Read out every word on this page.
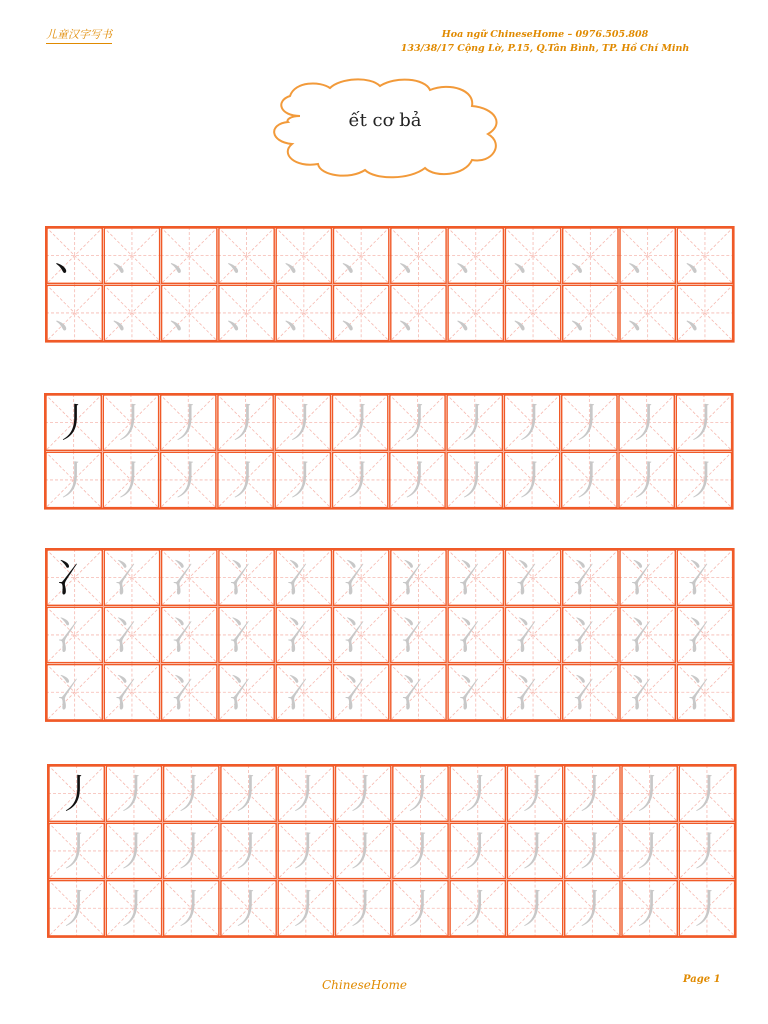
儿童汉字写书	Hoa ngữ ChineseHome – 0976.505.808
133/38/17 Cộng Lờ, P.15, Q.Tân Bình, TP. Hồ Chí Minh
ết cơ bả
、 、 、 、 、 、 、 、 、 、 、 、
、 、 、 、 、 、 、 、 、 、 、 、
丿 丿 丿 丿 丿 丿 丿 丿 丿 丿 丿 丿
丿 丿 丿 丿 丿 丿 丿 丿 丿 丿 丿 丿
冫 冫 冫 冫 冫 冫 冫 冫 冫 冫 冫 冫
冫 冫 冫 冫 冫 冫 冫 冫 冫 冫 冫 冫
冫 冫 冫 冫 冫 冫 冫 冫 冫 冫 冫 冫
丿 丿 丿 丿 丿 丿 丿 丿 丿 丿 丿 丿
丿 丿 丿 丿 丿 丿 丿 丿 丿 丿 丿 丿
丿 丿 丿 丿 丿 丿 丿 丿 丿 丿 丿 丿
ChineseHome	Page 1
